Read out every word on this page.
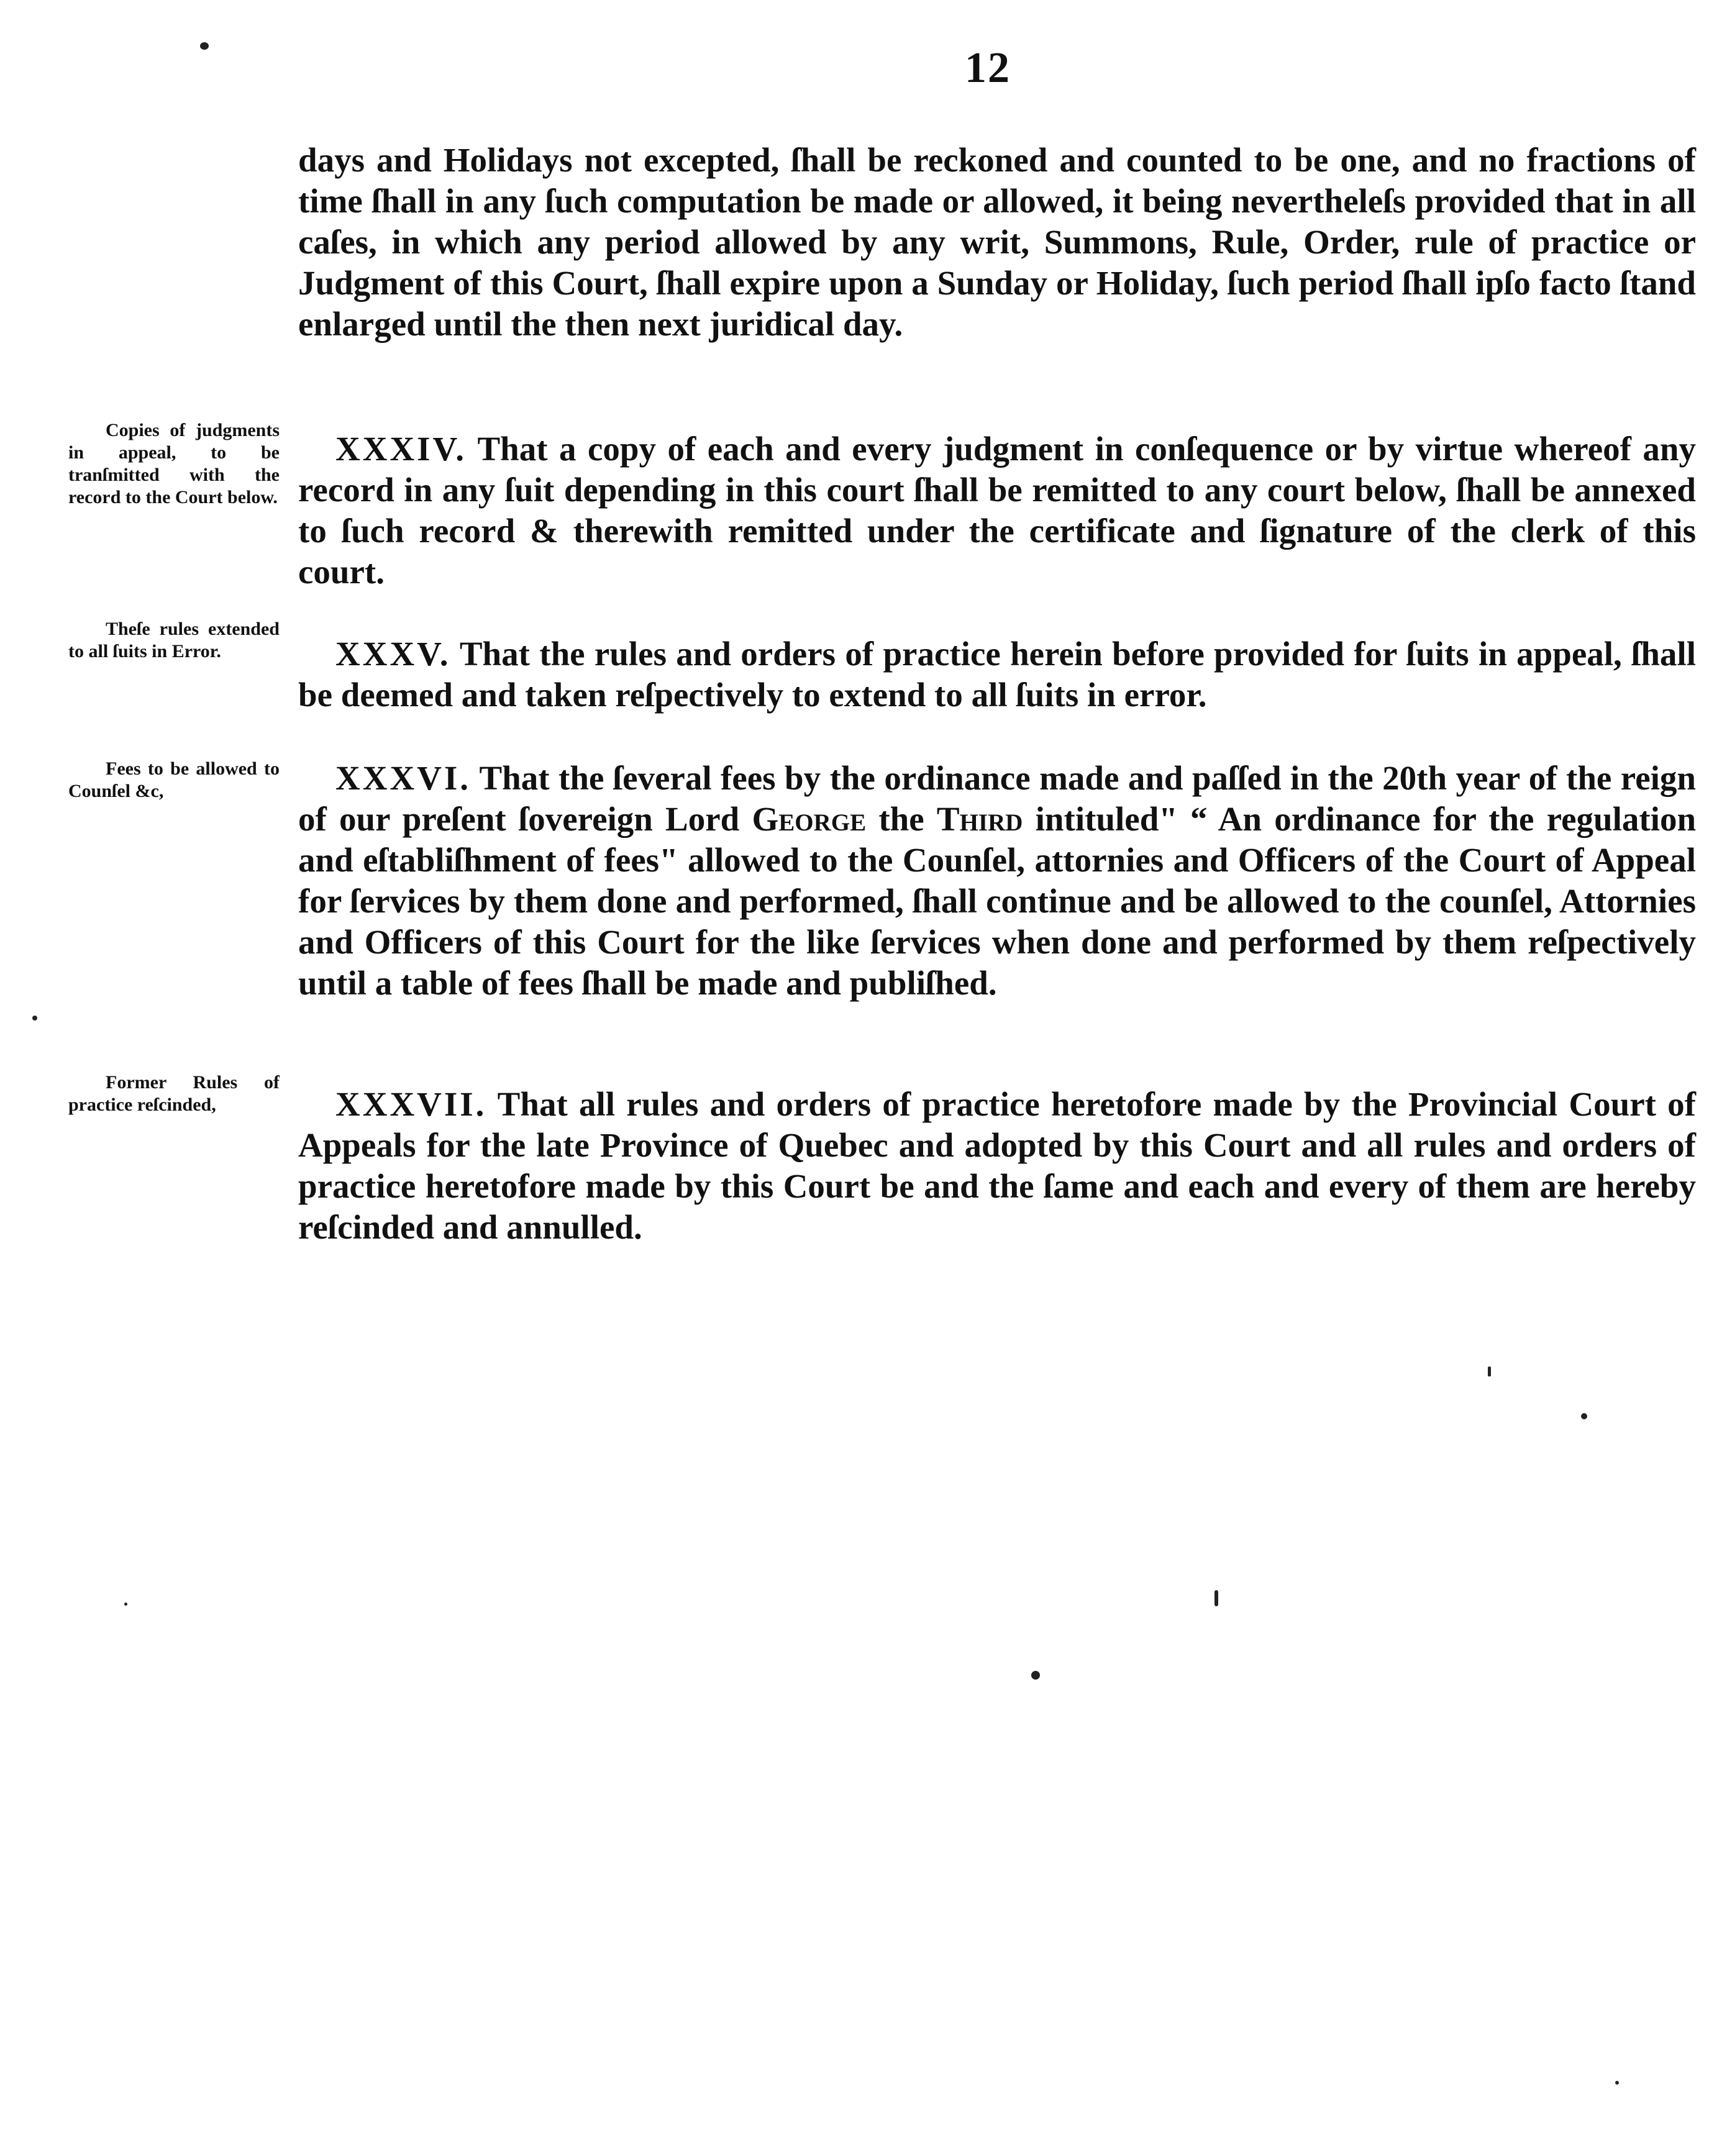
12
Copies of judgments in appeal, to be tranſmitted with the record to the Court below.
Theſe rules extended to all ſuits in Error.
Fees to be allowed to Counſel &c,
Former Rules of practice reſcinded,
days and Holidays not excepted, ſhall be reckoned and counted to be one, and no fractions of time ſhall in any ſuch computation be made or allowed, it being nevertheleſs provided that in all caſes, in which any period allowed by any writ, Summons, Rule, Order, rule of practice or Judgment of this Court, ſhall expire upon a Sunday or Holiday, ſuch period ſhall ipſo facto ſtand enlarged until the then next juridical day.
XXXIV. That a copy of each and every judgment in conſequence or by virtue whereof any record in any ſuit depending in this court ſhall be remitted to any court below, ſhall be annexed to ſuch record & therewith remitted under the certificate and ſignature of the clerk of this court.
XXXV. That the rules and orders of practice herein before provided for ſuits in appeal, ſhall be deemed and taken reſpectively to extend to all ſuits in error.
XXXVI. That the ſeveral fees by the ordinance made and paſſed in the 20th year of the reign of our preſent ſovereign Lord George the Third intituled" “ An ordinance for the regulation and eſtabliſhment of fees" allowed to the Counſel, attornies and Officers of the Court of Appeal for ſervices by them done and performed, ſhall continue and be allowed to the counſel, Attornies and Officers of this Court for the like ſervices when done and performed by them reſpectively until a table of fees ſhall be made and publiſhed.
XXXVII. That all rules and orders of practice heretofore made by the Provincial Court of Appeals for the late Province of Quebec and adopted by this Court and all rules and orders of practice heretofore made by this Court be and the ſame and each and every of them are hereby reſcinded and annulled.
